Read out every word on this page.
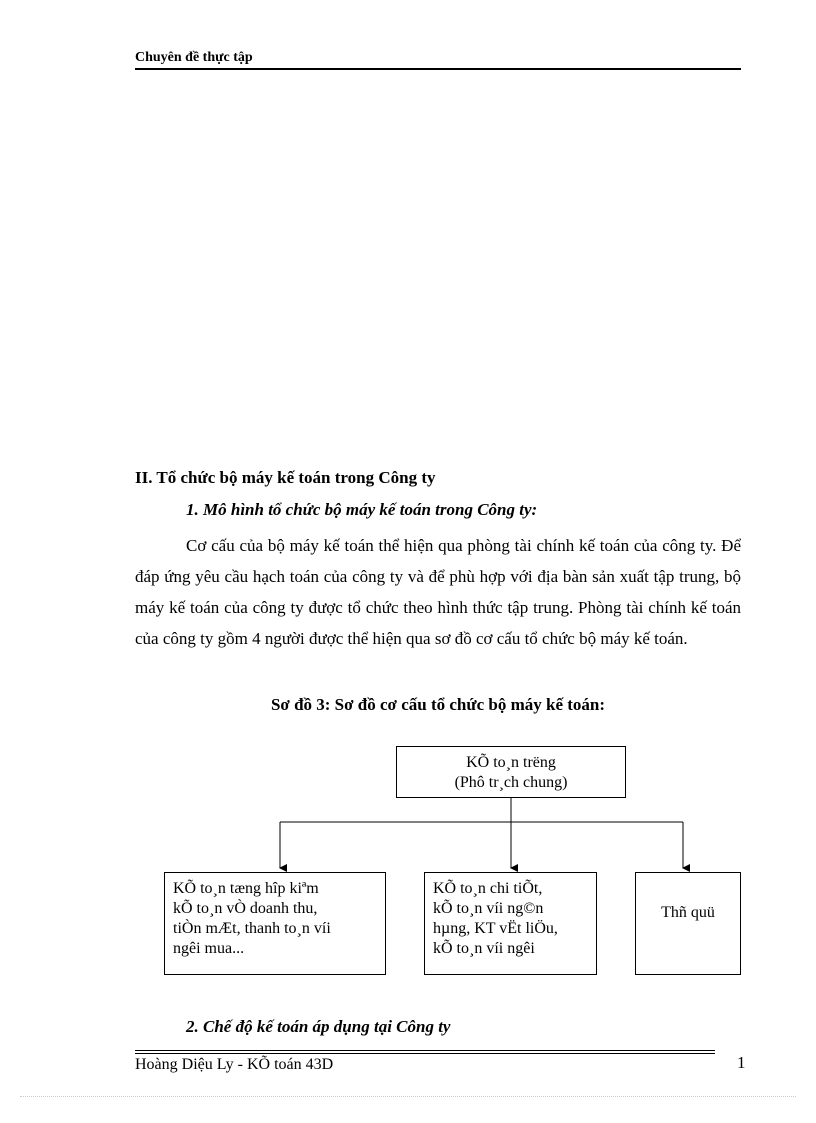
Chuyên đề thực tập
II. Tổ chức bộ máy kế toán trong Công ty
1. Mô hình tổ chức bộ máy kế toán trong Công ty:

Cơ cấu của bộ máy kế toán thể hiện qua phòng tài chính kế toán của công ty. Để đáp ứng yêu cầu hạch toán của công ty và để phù hợp với địa bàn sản xuất tập trung, bộ máy kế toán của công ty được tổ chức theo hình thức tập trung. Phòng tài chính kế toán của công ty gồm 4 người được thể hiện qua sơ đồ cơ cấu tổ chức bộ máy kế toán.

Sơ đồ 3: Sơ đồ cơ cấu tổ chức bộ máy kế toán:
KÕ to¸n trëng
(Phô tr¸ch chung)
KÕ to¸n tæng hîp kiªm
kÕ to¸n vÒ doanh thu,
tiÒn mÆt, thanh to¸n víi
ngêi mua...
KÕ to¸n chi tiÕt,
kÕ to¸n víi ng©n
hµng, KT vËt liÖu,
kÕ to¸n víi ngêi
Thñ quü
2. Chế độ kế toán áp dụng tại Công ty
Hoàng Diệu Ly - KÕ toán 43D	1
